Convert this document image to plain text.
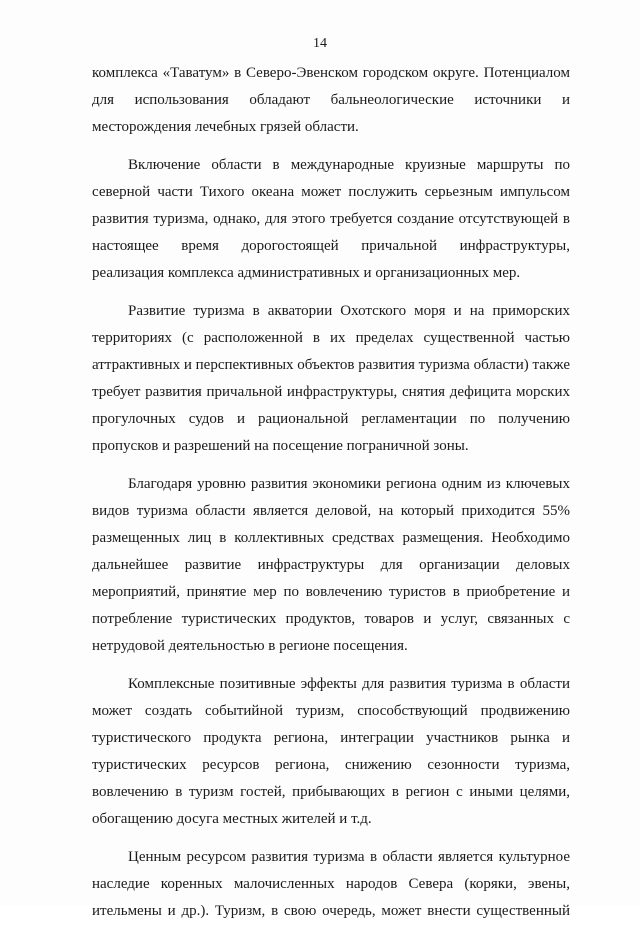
14

комплекса «Таватум» в Северо-Эвенском городском округе. Потенциалом для использования обладают бальнеологические источники и месторождения лечебных грязей области.

Включение области в международные круизные маршруты по северной части Тихого океана может послужить серьезным импульсом развития туризма, однако, для этого требуется создание отсутствующей в настоящее время дорогостоящей причальной инфраструктуры, реализация комплекса административных и организационных мер.

Развитие туризма в акватории Охотского моря и на приморских территориях (с расположенной в их пределах существенной частью аттрактивных и перспективных объектов развития туризма области) также требует развития причальной инфраструктуры, снятия дефицита морских прогулочных судов и рациональной регламентации по получению пропусков и разрешений на посещение пограничной зоны.

Благодаря уровню развития экономики региона одним из ключевых видов туризма области является деловой, на который приходится 55% размещенных лиц в коллективных средствах размещения. Необходимо дальнейшее развитие инфраструктуры для организации деловых мероприятий, принятие мер по вовлечению туристов в приобретение и потребление туристических продуктов, товаров и услуг, связанных с нетрудовой деятельностью в регионе посещения.

Комплексные позитивные эффекты для развития туризма в области может создать событийной туризм, способствующий продвижению туристического продукта региона, интеграции участников рынка и туристических ресурсов региона, снижению сезонности туризма, вовлечению в туризм гостей, прибывающих в регион с иными целями, обогащению досуга местных жителей и т.д.

Ценным ресурсом развития туризма в области является культурное наследие коренных малочисленных народов Севера (коряки, эвены, ительмены и др.). Туризм, в свою очередь, может внести существенный
